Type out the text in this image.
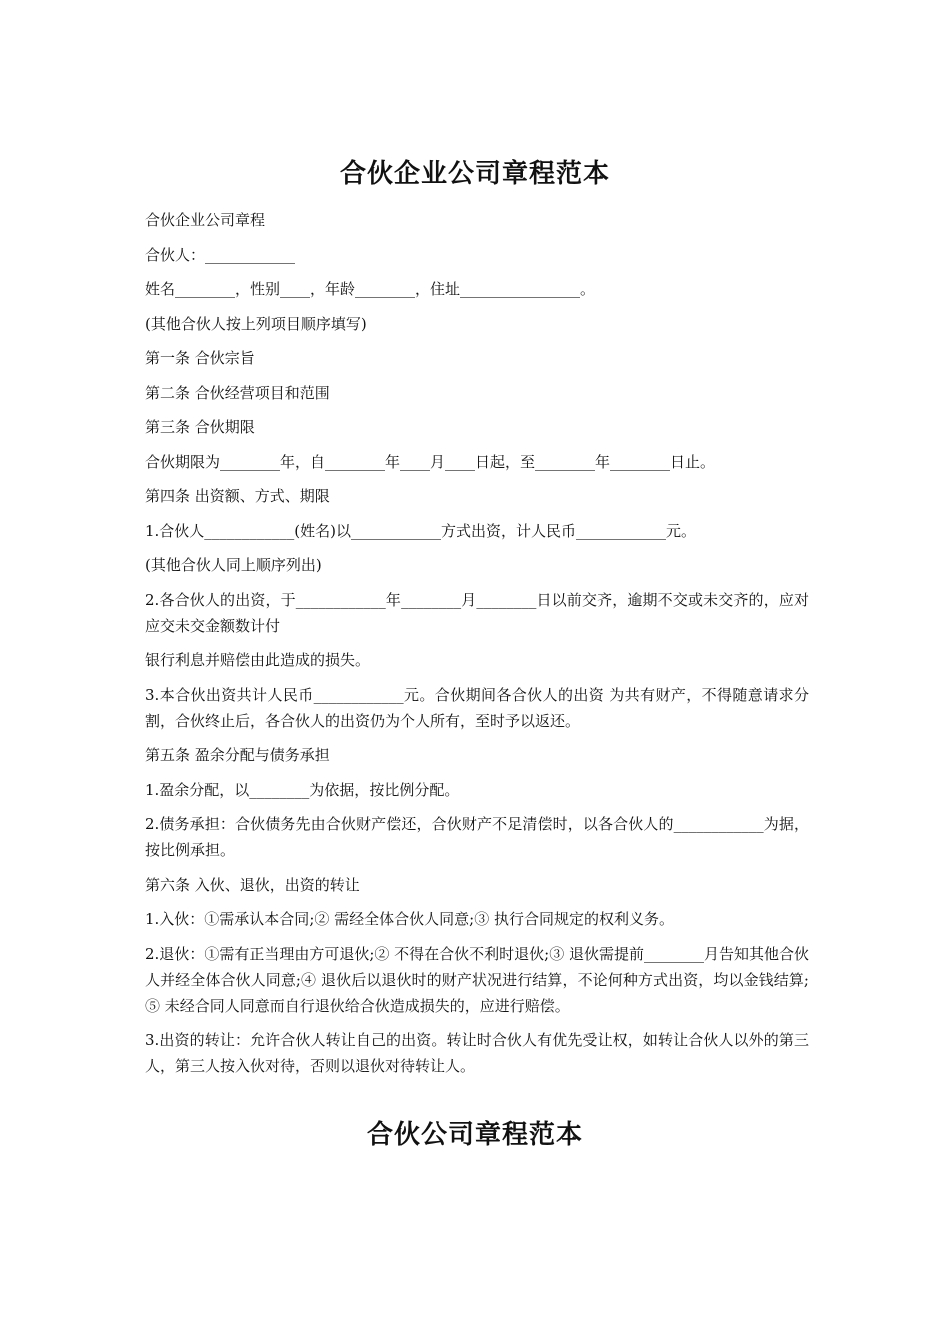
合伙企业公司章程范本

合伙企业公司章程

合伙人：____________

姓名________，性别____，年龄________，住址________________。

(其他合伙人按上列项目顺序填写)

第一条 合伙宗旨

第二条 合伙经营项目和范围

第三条 合伙期限

合伙期限为________年，自________年____月____日起，至________年________日止。

第四条 出资额、方式、期限

1.合伙人____________(姓名)以____________方式出资，计人民币____________元。

(其他合伙人同上顺序列出)

2.各合伙人的出资，于____________年________月________日以前交齐，逾期不交或未交齐的，应对应交未交金额数计付

银行利息并赔偿由此造成的损失。

3.本合伙出资共计人民币____________元。合伙期间各合伙人的出资 为共有财产，不得随意请求分割，合伙终止后，各合伙人的出资仍为个人所有，至时予以返还。

第五条 盈余分配与债务承担

1.盈余分配，以________为依据，按比例分配。

2.债务承担：合伙债务先由合伙财产偿还，合伙财产不足清偿时，以各合伙人的____________为据，按比例承担。

第六条 入伙、退伙，出资的转让

1.入伙：①需承认本合同;② 需经全体合伙人同意;③ 执行合同规定的权利义务。

2.退伙：①需有正当理由方可退伙;② 不得在合伙不利时退伙;③ 退伙需提前________月告知其他合伙人并经全体合伙人同意;④ 退伙后以退伙时的财产状况进行结算，不论何种方式出资，均以金钱结算;⑤ 未经合同人同意而自行退伙给合伙造成损失的，应进行赔偿。

3.出资的转让：允许合伙人转让自己的出资。转让时合伙人有优先受让权，如转让合伙人以外的第三人，第三人按入伙对待，否则以退伙对待转让人。

合伙公司章程范本
